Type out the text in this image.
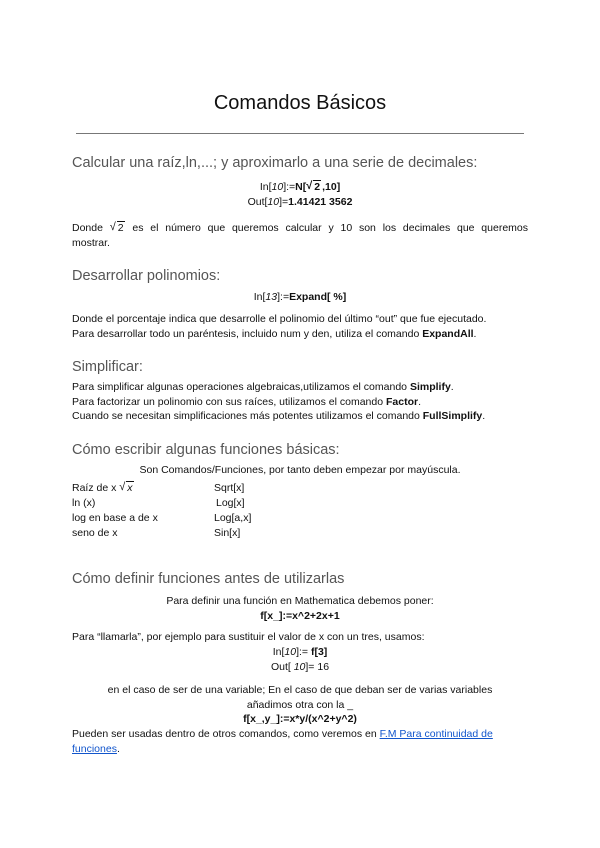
Comandos Básicos
Calcular una raíz,ln,...; y aproximarlo a una serie de decimales:
In[10]:=N[√ 2 ,10]
Out[10]=1.41421 3562
Donde √ 2 es el número que queremos calcular y 10 son los decimales que queremos
mostrar.
Desarrollar polinomios:
In[13]:=Expand[ %]
Donde el porcentaje indica que desarrolle el polinomio del último “out” que fue ejecutado.
Para desarrollar todo un paréntesis, incluido num y den, utiliza el comando ExpandAll.
Simplificar:
Para simplificar algunas operaciones algebraicas,utilizamos el comando Simplify.
Para factorizar un polinomio con sus raíces, utilizamos el comando Factor.
Cuando se necesitan simplificaciones más potentes utilizamos el comando FullSimplify.
Cómo escribir algunas funciones básicas:
Son Comandos/Funciones, por tanto deben empezar por mayúscula.
Raíz de x √ x	Sqrt[x]
ln (x)	Log[x]
log en base a de x	Log[a,x]
seno de x	Sin[x]
Cómo definir funciones antes de utilizarlas
Para definir una función en Mathematica debemos poner:
f[x_]:=x^2+2x+1
Para “llamarla”, por ejemplo para sustituir el valor de x con un tres, usamos:
In[10]:= f[3]
Out[ 10]= 16
en el caso de ser de una variable; En el caso de que deban ser de varias variables
añadimos otra con la _
f[x_,y_]:=x*y/(x^2+y^2)
Pueden ser usadas dentro de otros comandos, como veremos en F.M Para continuidad de
funciones.
